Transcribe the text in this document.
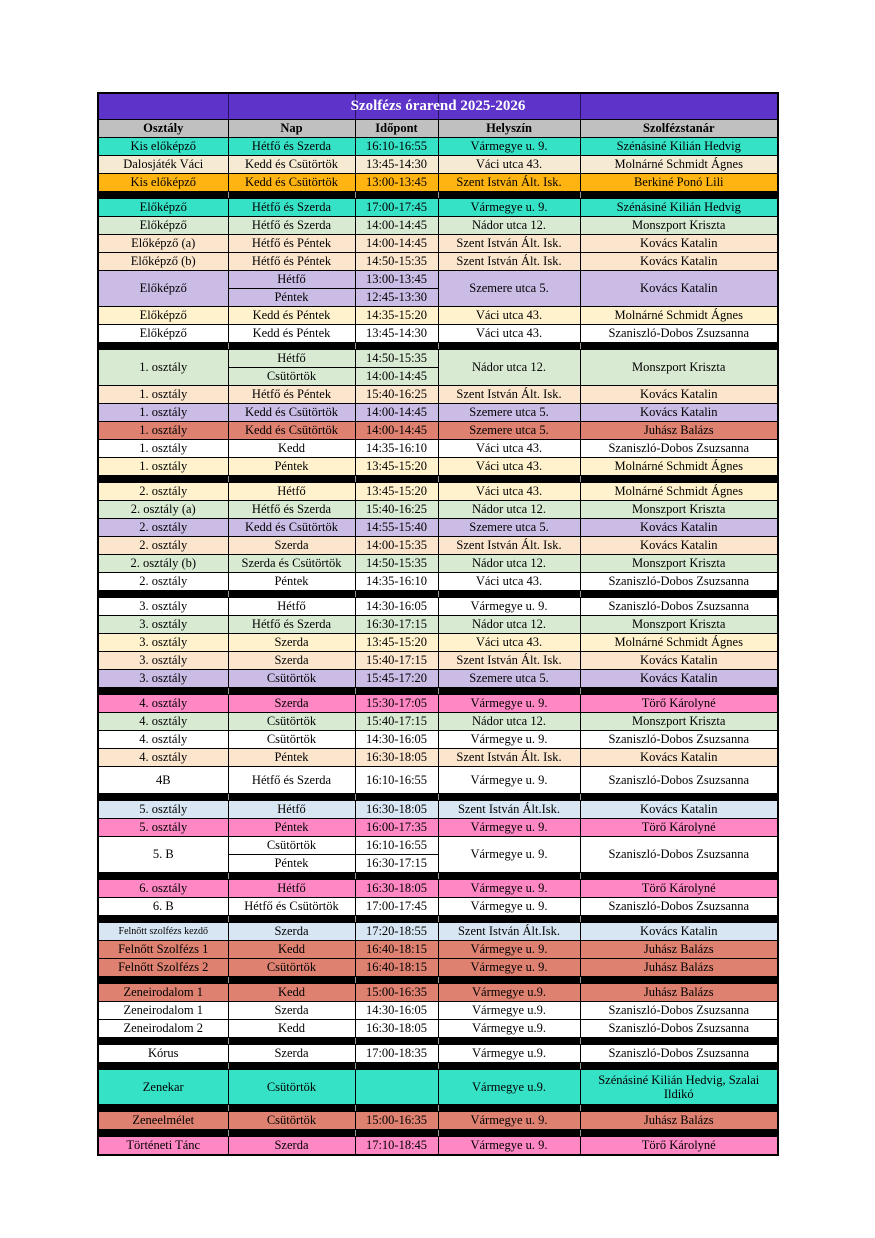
Szolfézs órarend 2025-2026				
Osztály	Nap	Időpont	Helyszín	Szolfézstanár
Kis előképző	Hétfő és Szerda	16:10-16:55	Vármegye u. 9.	Szénásiné Kilián Hedvig
Dalosjáték Váci	Kedd és Csütörtök	13:45-14:30	Váci utca 43.	Molnárné Schmidt Ágnes
Kis előképző	Kedd és Csütörtök	13:00-13:45	Szent István Ált. Isk.	Berkiné Ponó Lili

Előképző	Hétfő és Szerda	17:00-17:45	Vármegye u. 9.	Szénásiné Kilián Hedvig
Előképző	Hétfő és Szerda	14:00-14:45	Nádor utca 12.	Monszport Kriszta
Előképző (a)	Hétfő és Péntek	14:00-14:45	Szent István Ált. Isk.	Kovács Katalin
Előképző (b)	Hétfő és Péntek	14:50-15:35	Szent István Ált. Isk.	Kovács Katalin
Előképző	Hétfő	13:00-13:45	Szemere utca 5.	Kovács Katalin
	Péntek	12:45-13:30		
Előképző	Kedd és Péntek	14:35-15:20	Váci utca 43.	Molnárné Schmidt Ágnes
Előképző	Kedd és Péntek	13:45-14:30	Váci utca 43.	Szaniszló-Dobos Zsuzsanna

1. osztály	Hétfő	14:50-15:35	Nádor utca 12.	Monszport Kriszta
	Csütörtök	14:00-14:45		
1. osztály	Hétfő és Péntek	15:40-16:25	Szent István Ált. Isk.	Kovács Katalin
1. osztály	Kedd és Csütörtök	14:00-14:45	Szemere utca 5.	Kovács Katalin
1. osztály	Kedd és Csütörtök	14:00-14:45	Szemere utca 5.	Juhász Balázs
1. osztály	Kedd	14:35-16:10	Váci utca 43.	Szaniszló-Dobos Zsuzsanna
1. osztály	Péntek	13:45-15:20	Váci utca 43.	Molnárné Schmidt Ágnes

2. osztály	Hétfő	13:45-15:20	Váci utca 43.	Molnárné Schmidt Ágnes
2. osztály (a)	Hétfő és Szerda	15:40-16:25	Nádor utca 12.	Monszport Kriszta
2. osztály	Kedd és Csütörtök	14:55-15:40	Szemere utca 5.	Kovács Katalin
2. osztály	Szerda	14:00-15:35	Szent István Ált. Isk.	Kovács Katalin
2. osztály (b)	Szerda és Csütörtök	14:50-15:35	Nádor utca 12.	Monszport Kriszta
2. osztály	Péntek	14:35-16:10	Váci utca 43.	Szaniszló-Dobos Zsuzsanna

3. osztály	Hétfő	14:30-16:05	Vármegye u. 9.	Szaniszló-Dobos Zsuzsanna
3. osztály	Hétfő és Szerda	16:30-17:15	Nádor utca 12.	Monszport Kriszta
3. osztály	Szerda	13:45-15:20	Váci utca 43.	Molnárné Schmidt Ágnes
3. osztály	Szerda	15:40-17:15	Szent István Ált. Isk.	Kovács Katalin
3. osztály	Csütörtök	15:45-17:20	Szemere utca 5.	Kovács Katalin

4. osztály	Szerda	15:30-17:05	Vármegye u. 9.	Törő Károlyné
4. osztály	Csütörtök	15:40-17:15	Nádor utca 12.	Monszport Kriszta
4. osztály	Csütörtök	14:30-16:05	Vármegye u. 9.	Szaniszló-Dobos Zsuzsanna
4. osztály	Péntek	16:30-18:05	Szent István Ált. Isk.	Kovács Katalin
4B	Hétfő és Szerda	16:10-16:55	Vármegye u. 9.	Szaniszló-Dobos Zsuzsanna

5. osztály	Hétfő	16:30-18:05	Szent István Ált.Isk.	Kovács Katalin
5. osztály	Péntek	16:00-17:35	Vármegye u. 9.	Törő Károlyné
5. B	Csütörtök	16:10-16:55	Vármegye u. 9.	Szaniszló-Dobos Zsuzsanna
	Péntek	16:30-17:15		

6. osztály	Hétfő	16:30-18:05	Vármegye u. 9.	Törő Károlyné
6. B	Hétfő és Csütörtök	17:00-17:45	Vármegye u. 9.	Szaniszló-Dobos Zsuzsanna

Felnőtt szolfézs kezdő	Szerda	17:20-18:55	Szent István Ált.Isk.	Kovács Katalin
Felnőtt Szolfézs 1	Kedd	16:40-18:15	Vármegye u. 9.	Juhász Balázs
Felnőtt Szolfézs 2	Csütörtök	16:40-18:15	Vármegye u. 9.	Juhász Balázs

Zeneirodalom 1	Kedd	15:00-16:35	Vármegye u.9.	Juhász Balázs
Zeneirodalom 1	Szerda	14:30-16:05	Vármegye u.9.	Szaniszló-Dobos Zsuzsanna
Zeneirodalom 2	Kedd	16:30-18:05	Vármegye u.9.	Szaniszló-Dobos Zsuzsanna

Kórus	Szerda	17:00-18:35	Vármegye u.9.	Szaniszló-Dobos Zsuzsanna

Zenekar	Csütörtök		Vármegye u.9.	Szénásiné Kilián Hedvig, Szalai Ildikó

Zeneelmélet	Csütörtök	15:00-16:35	Vármegye u. 9.	Juhász Balázs

Történeti Tánc	Szerda	17:10-18:45	Vármegye u. 9.	Törő Károlyné
